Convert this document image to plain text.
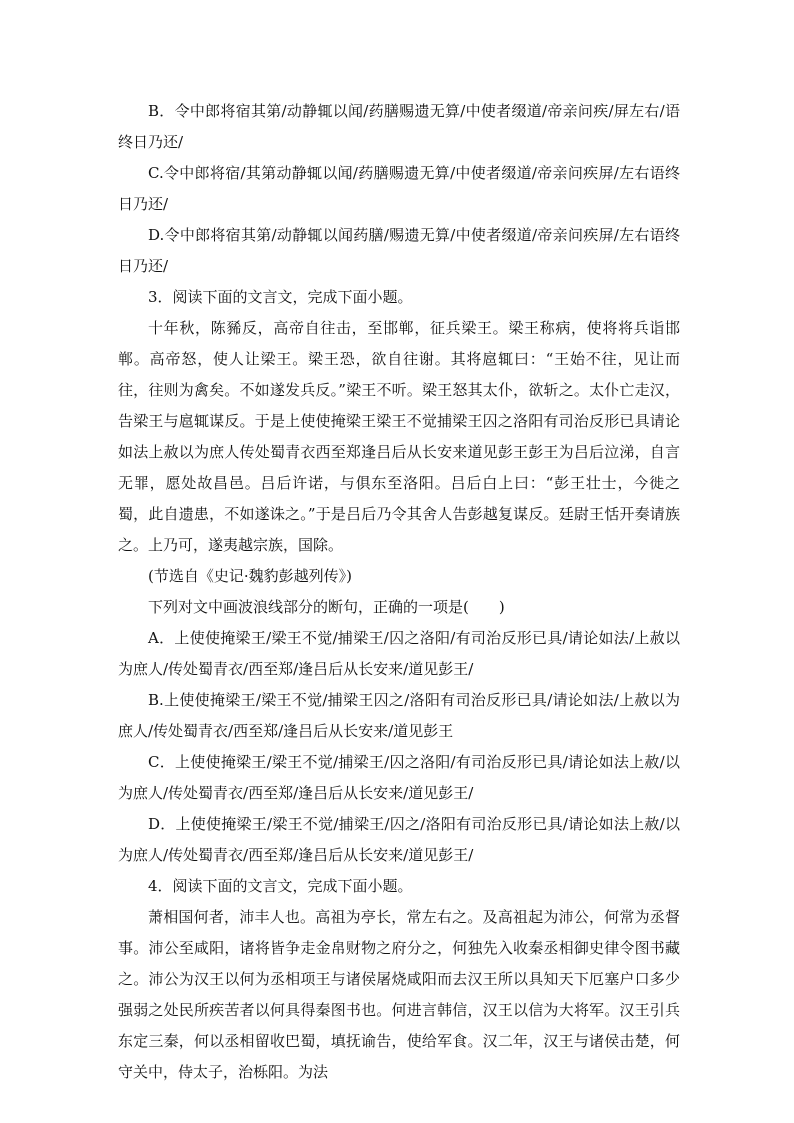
B．令中郎将宿其第/动静辄以闻/药膳赐遗无算/中使者缀道/帝亲问疾/屏左右/语终日乃还/

C.令中郎将宿/其第动静辄以闻/药膳赐遗无算/中使者缀道/帝亲问疾屏/左右语终日乃还/

D.令中郎将宿其第/动静辄以闻药膳/赐遗无算/中使者缀道/帝亲问疾屏/左右语终日乃还/

3．阅读下面的文言文，完成下面小题。

十年秋，陈豨反，高帝自往击，至邯郸，征兵梁王。梁王称病，使将将兵诣邯郸。高帝怒，使人让梁王。梁王恐，欲自往谢。其将扈辄曰：“王始不往，见让而往，往则为禽矣。不如遂发兵反。”梁王不听。梁王怒其太仆，欲斩之。太仆亡走汉，告梁王与扈辄谋反。于是上使使掩梁王梁王不觉捕梁王囚之洛阳有司治反形已具请论如法上赦以为庶人传处蜀青衣西至郑逢吕后从长安来道见彭王彭王为吕后泣涕，自言无罪，愿处故昌邑。吕后许诺，与俱东至洛阳。吕后白上曰：“彭王壮士，今徙之蜀，此自遗患，不如遂诛之。”于是吕后乃令其舍人告彭越复谋反。廷尉王恬开奏请族之。上乃可，遂夷越宗族，国除。

(节选自《史记·魏豹彭越列传》)

下列对文中画波浪线部分的断句，正确的一项是(　　)

A．上使使掩梁王/梁王不觉/捕梁王/囚之洛阳/有司治反形已具/请论如法/上赦以为庶人/传处蜀青衣/西至郑/逢吕后从长安来/道见彭王/

B.上使使掩梁王/梁王不觉/捕梁王囚之/洛阳有司治反形已具/请论如法/上赦以为庶人/传处蜀青衣/西至郑/逢吕后从长安来/道见彭王

C．上使使掩梁王/梁王不觉/捕梁王/囚之洛阳/有司治反形已具/请论如法上赦/以为庶人/传处蜀青衣/西至郑/逢吕后从长安来/道见彭王/

D．上使使掩梁王/梁王不觉/捕梁王/囚之/洛阳有司治反形已具/请论如法上赦/以为庶人/传处蜀青衣/西至郑/逢吕后从长安来/道见彭王/

4．阅读下面的文言文，完成下面小题。

萧相国何者，沛丰人也。高祖为亭长，常左右之。及高祖起为沛公，何常为丞督事。沛公至咸阳，诸将皆争走金帛财物之府分之，何独先入收秦丞相御史律令图书藏之。沛公为汉王以何为丞相项王与诸侯屠烧咸阳而去汉王所以具知天下厄塞户口多少强弱之处民所疾苦者以何具得秦图书也。何进言韩信，汉王以信为大将军。汉王引兵东定三秦，何以丞相留收巴蜀，填抚谕告，使给军食。汉二年，汉王与诸侯击楚，何守关中，侍太子，治栎阳。为法
